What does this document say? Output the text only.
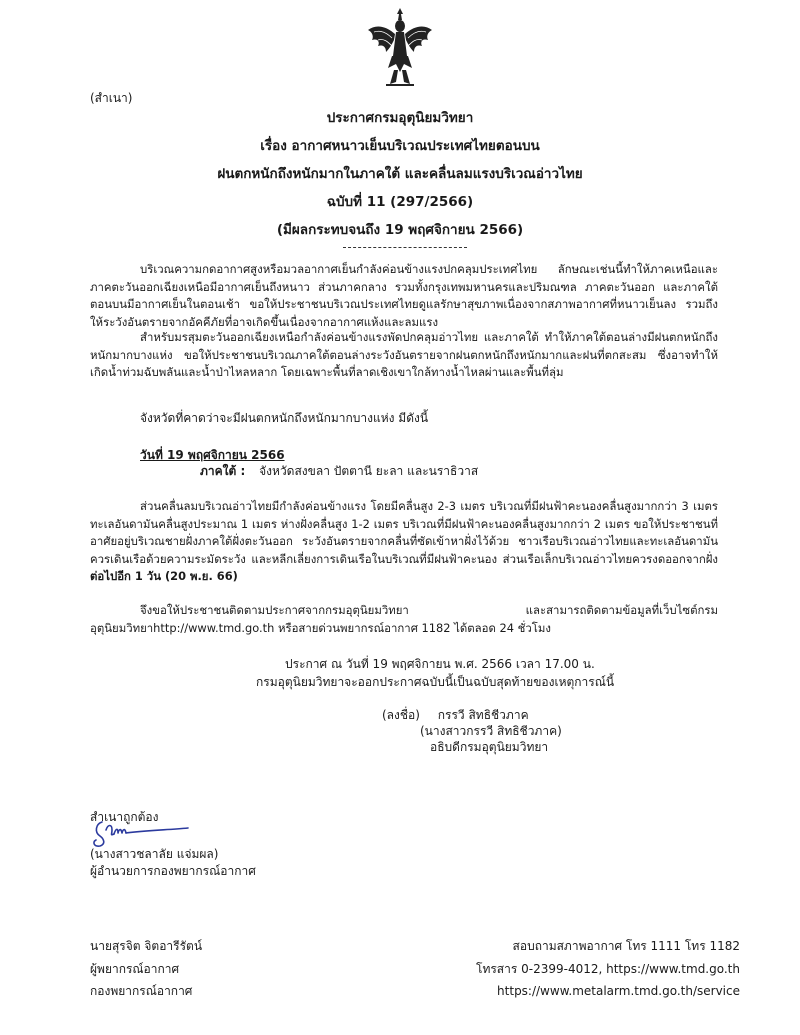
(สำเนา)
ประกาศกรมอุตุนิยมวิทยา
เรื่อง อากาศหนาวเย็นบริเวณประเทศไทยตอนบน
ฝนตกหนักถึงหนักมากในภาคใต้ และคลื่นลมแรงบริเวณอ่าวไทย
ฉบับที่ 11 (297/2566)
(มีผลกระทบจนถึง 19 พฤศจิกายน 2566)

บริเวณความกดอากาศสูงหรือมวลอากาศเย็นกำลังค่อนข้างแรงปกคลุมประเทศไทย ลักษณะเช่นนี้ทำให้ภาคเหนือและภาคตะวันออกเฉียงเหนือมีอากาศเย็นถึงหนาว ส่วนภาคกลาง รวมทั้งกรุงเทพมหานครและปริมณฑล ภาคตะวันออก และภาคใต้ตอนบนมีอากาศเย็นในตอนเช้า ขอให้ประชาชนบริเวณประเทศไทยดูแลรักษาสุขภาพเนื่องจากสภาพอากาศที่หนาวเย็นลง รวมถึงให้ระวังอันตรายจากอัคคีภัยที่อาจเกิดขึ้นเนื่องจากอากาศแห้งและลมแรง

สำหรับมรสุมตะวันออกเฉียงเหนือกำลังค่อนข้างแรงพัดปกคลุมอ่าวไทย และภาคใต้ ทำให้ภาคใต้ตอนล่างมีฝนตกหนักถึงหนักมากบางแห่ง ขอให้ประชาชนบริเวณภาคใต้ตอนล่างระวังอันตรายจากฝนตกหนักถึงหนักมากและฝนที่ตกสะสม ซึ่งอาจทำให้เกิดน้ำท่วมฉับพลันและน้ำป่าไหลหลาก โดยเฉพาะพื้นที่ลาดเชิงเขาใกล้ทางน้ำไหลผ่านและพื้นที่ลุ่ม

จังหวัดที่คาดว่าจะมีฝนตกหนักถึงหนักมากบางแห่ง มีดังนี้
วันที่ 19 พฤศจิกายน 2566
ภาคใต้ : จังหวัดสงขลา ปัตตานี ยะลา และนราธิวาส

ส่วนคลื่นลมบริเวณอ่าวไทยมีกำลังค่อนข้างแรง โดยมีคลื่นสูง 2-3 เมตร บริเวณที่มีฝนฟ้าคะนองคลื่นสูงมากกว่า 3 เมตร ทะเลอันดามันคลื่นสูงประมาณ 1 เมตร ห่างฝั่งคลื่นสูง 1-2 เมตร บริเวณที่มีฝนฟ้าคะนองคลื่นสูงมากกว่า 2 เมตร ขอให้ประชาชนที่อาศัยอยู่บริเวณชายฝั่งภาคใต้ฝั่งตะวันออก ระวังอันตรายจากคลื่นที่ซัดเข้าหาฝั่งไว้ด้วย ชาวเรือบริเวณอ่าวไทยและทะเลอันดามันควรเดินเรือด้วยความระมัดระวัง และหลีกเลี่ยงการเดินเรือในบริเวณที่มีฝนฟ้าคะนอง ส่วนเรือเล็กบริเวณอ่าวไทยควรงดออกจากฝั่ง ต่อไปอีก 1 วัน (20 พ.ย. 66)

จึงขอให้ประชาชนติดตามประกาศจากกรมอุตุนิยมวิทยา และสามารถติดตามข้อมูลที่เว็บไซต์กรมอุตุนิยมวิทยาhttp://www.tmd.go.th หรือสายด่วนพยากรณ์อากาศ 1182 ได้ตลอด 24 ชั่วโมง

ประกาศ ณ วันที่ 19 พฤศจิกายน พ.ศ. 2566 เวลา 17.00 น.
กรมอุตุนิยมวิทยาจะออกประกาศฉบับนี้เป็นฉบับสุดท้ายของเหตุการณ์นี้
(ลงชื่อ) กรรวี สิทธิชีวภาค
(นางสาวกรรวี สิทธิชีวภาค)
อธิบดีกรมอุตุนิยมวิทยา
สำเนาถูกต้อง
(นางสาวชลาลัย แจ่มผล)
ผู้อำนวยการกองพยากรณ์อากาศ
นายสุรจิต จิตอารีรัตน์
ผู้พยากรณ์อากาศ
กองพยากรณ์อากาศ
สอบถามสภาพอากาศ โทร 1111 โทร 1182
โทรสาร 0-2399-4012, https://www.tmd.go.th
https://www.metalarm.tmd.go.th/service
